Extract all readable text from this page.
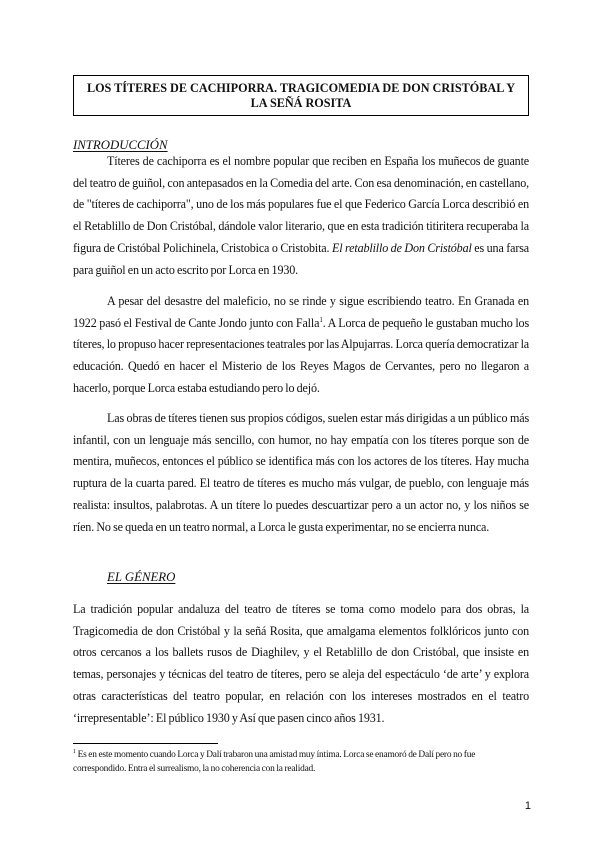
LOS TÍTERES DE CACHIPORRA. TRAGICOMEDIA DE DON CRISTÓBAL Y
LA SEÑÁ ROSITA
INTRODUCCIÓN

Títeres de cachiporra es el nombre popular que reciben en España los muñecos de guante del teatro de guiñol, con antepasados en la Comedia del arte. Con esa denominación, en castellano, de "títeres de cachiporra", uno de los más populares fue el que Federico García Lorca describió en el Retablillo de Don Cristóbal, dándole valor literario, que en esta tradición titiritera recuperaba la figura de Cristóbal Polichinela, Cristobica o Cristobita. El retablillo de Don Cristóbal es una farsa para guiñol en un acto escrito por Lorca en 1930.

A pesar del desastre del maleficio, no se rinde y sigue escribiendo teatro. En Granada en 1922 pasó el Festival de Cante Jondo junto con Falla$^1$. A Lorca de pequeño le gustaban mucho los títeres, lo propuso hacer representaciones teatrales por las Alpujarras. Lorca quería democratizar la educación. Quedó en hacer el Misterio de los Reyes Magos de Cervantes, pero no llegaron a hacerlo, porque Lorca estaba estudiando pero lo dejó.

Las obras de títeres tienen sus propios códigos, suelen estar más dirigidas a un público más infantil, con un lenguaje más sencillo, con humor, no hay empatía con los títeres porque son de mentira, muñecos, entonces el público se identifica más con los actores de los títeres. Hay mucha ruptura de la cuarta pared. El teatro de títeres es mucho más vulgar, de pueblo, con lenguaje más realista: insultos, palabrotas. A un títere lo puedes descuartizar pero a un actor no, y los niños se ríen. No se queda en un teatro normal, a Lorca le gusta experimentar, no se encierra nunca.

EL GÉNERO

La tradición popular andaluza del teatro de títeres se toma como modelo para dos obras, la Tragicomedia de don Cristóbal y la señá Rosita, que amalgama elementos folklóricos junto con otros cercanos a los ballets rusos de Diaghilev, y el Retablillo de don Cristóbal, que insiste en temas, personajes y técnicas del teatro de títeres, pero se aleja del espectáculo ‘de arte’ y explora otras características del teatro popular, en relación con los intereses mostrados en el teatro ‘irrepresentable’: El público 1930 y Así que pasen cinco años 1931.

$^1$ Es en este momento cuando Lorca y Dalí trabaron una amistad muy íntima. Lorca se enamoró de Dalí pero no fue correspondido. Entra el surrealismo, la no coherencia con la realidad.
1
